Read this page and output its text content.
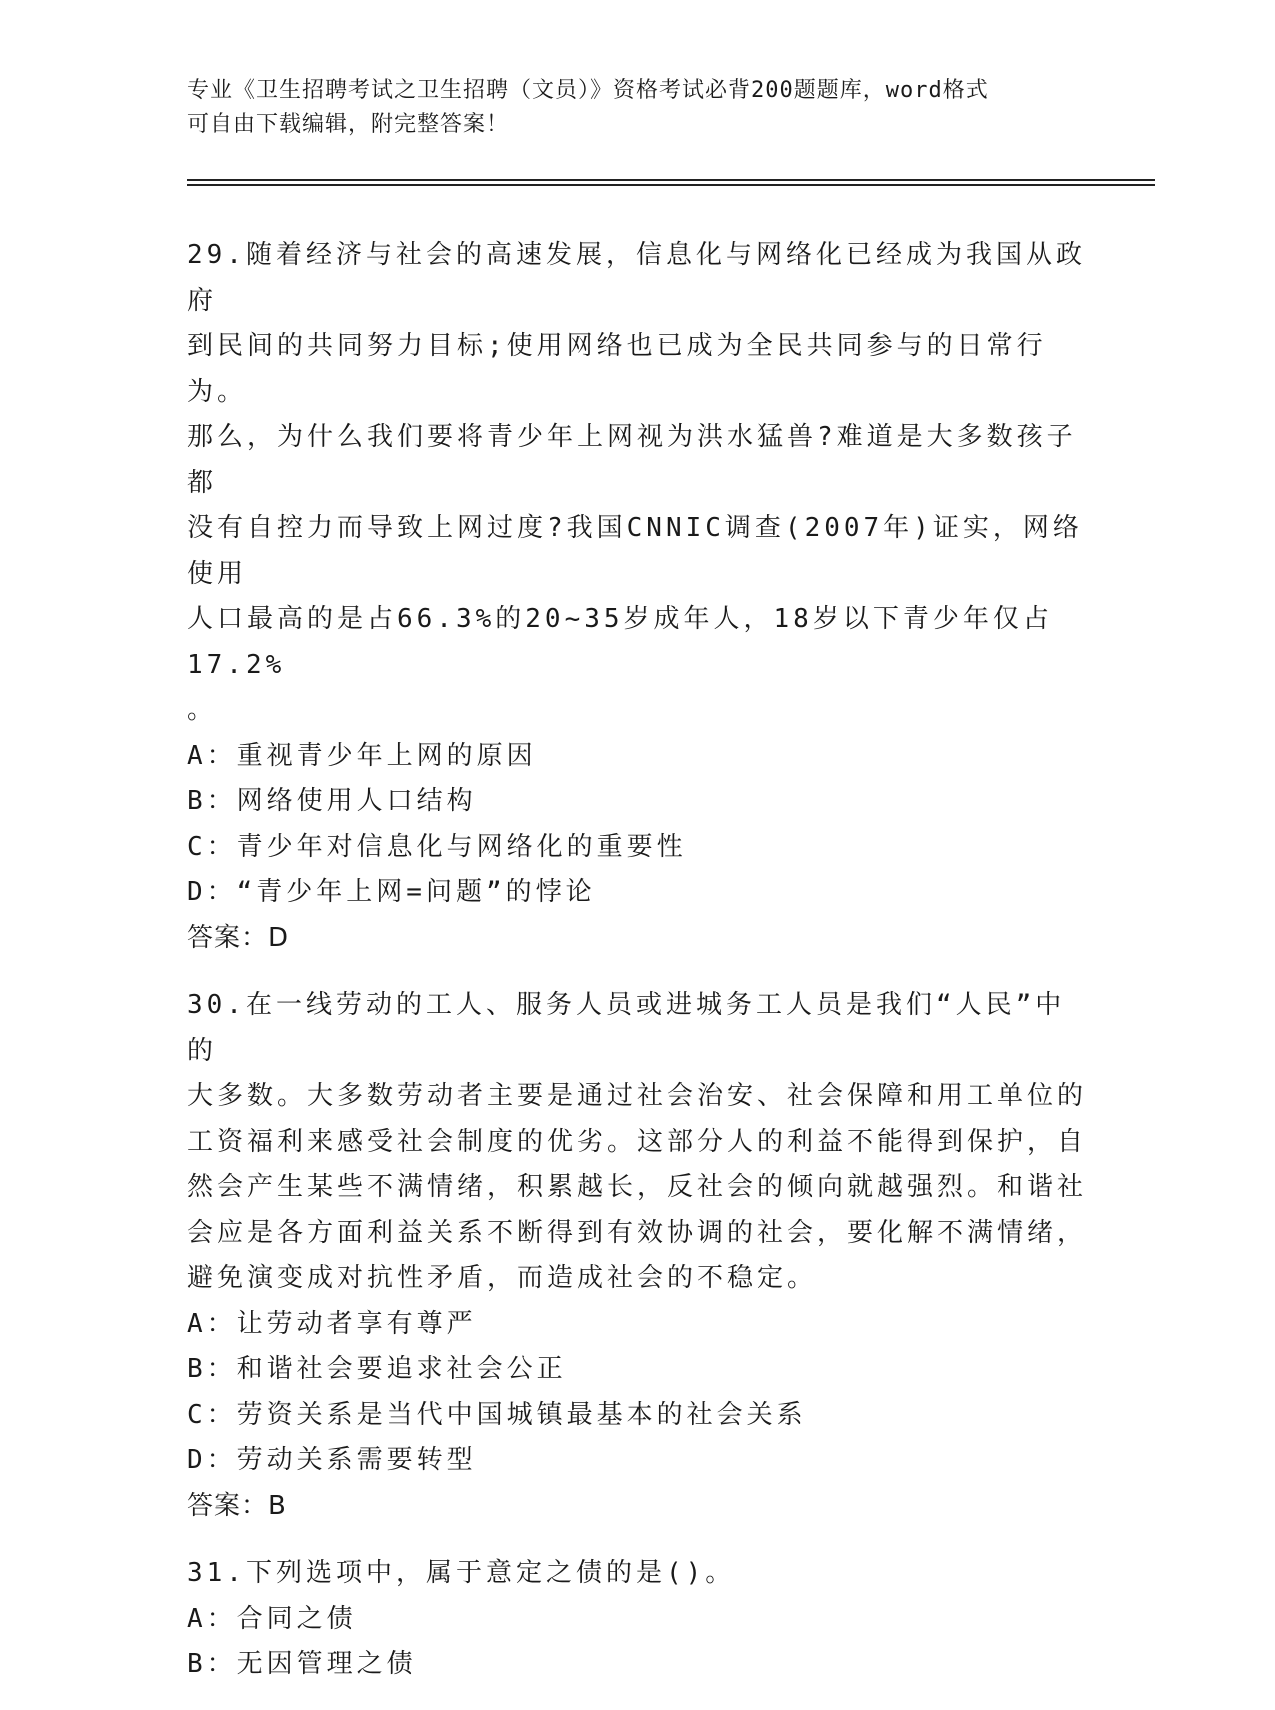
专业《卫生招聘考试之卫生招聘（文员）》资格考试必背200题题库，word格式
可自由下载编辑，附完整答案！

29.随着经济与社会的高速发展，信息化与网络化已经成为我国从政府

到民间的共同努力目标;使用网络也已成为全民共同参与的日常行为。

那么，为什么我们要将青少年上网视为洪水猛兽?难道是大多数孩子都

没有自控力而导致上网过度?我国CNNIC调查(2007年)证实，网络使用

人口最高的是占66.3%的20~35岁成年人，18岁以下青少年仅占17.2%

。

A：重视青少年上网的原因

B：网络使用人口结构

C：青少年对信息化与网络化的重要性

D：“青少年上网=问题”的悖论

答案：D

30.在一线劳动的工人、服务人员或进城务工人员是我们“人民”中的

大多数。大多数劳动者主要是通过社会治安、社会保障和用工单位的

工资福利来感受社会制度的优劣。这部分人的利益不能得到保护，自

然会产生某些不满情绪，积累越长，反社会的倾向就越强烈。和谐社

会应是各方面利益关系不断得到有效协调的社会，要化解不满情绪，

避免演变成对抗性矛盾，而造成社会的不稳定。

A：让劳动者享有尊严

B：和谐社会要追求社会公正

C：劳资关系是当代中国城镇最基本的社会关系

D：劳动关系需要转型

答案：B

31.下列选项中，属于意定之债的是()。

A：合同之债

B：无因管理之债
